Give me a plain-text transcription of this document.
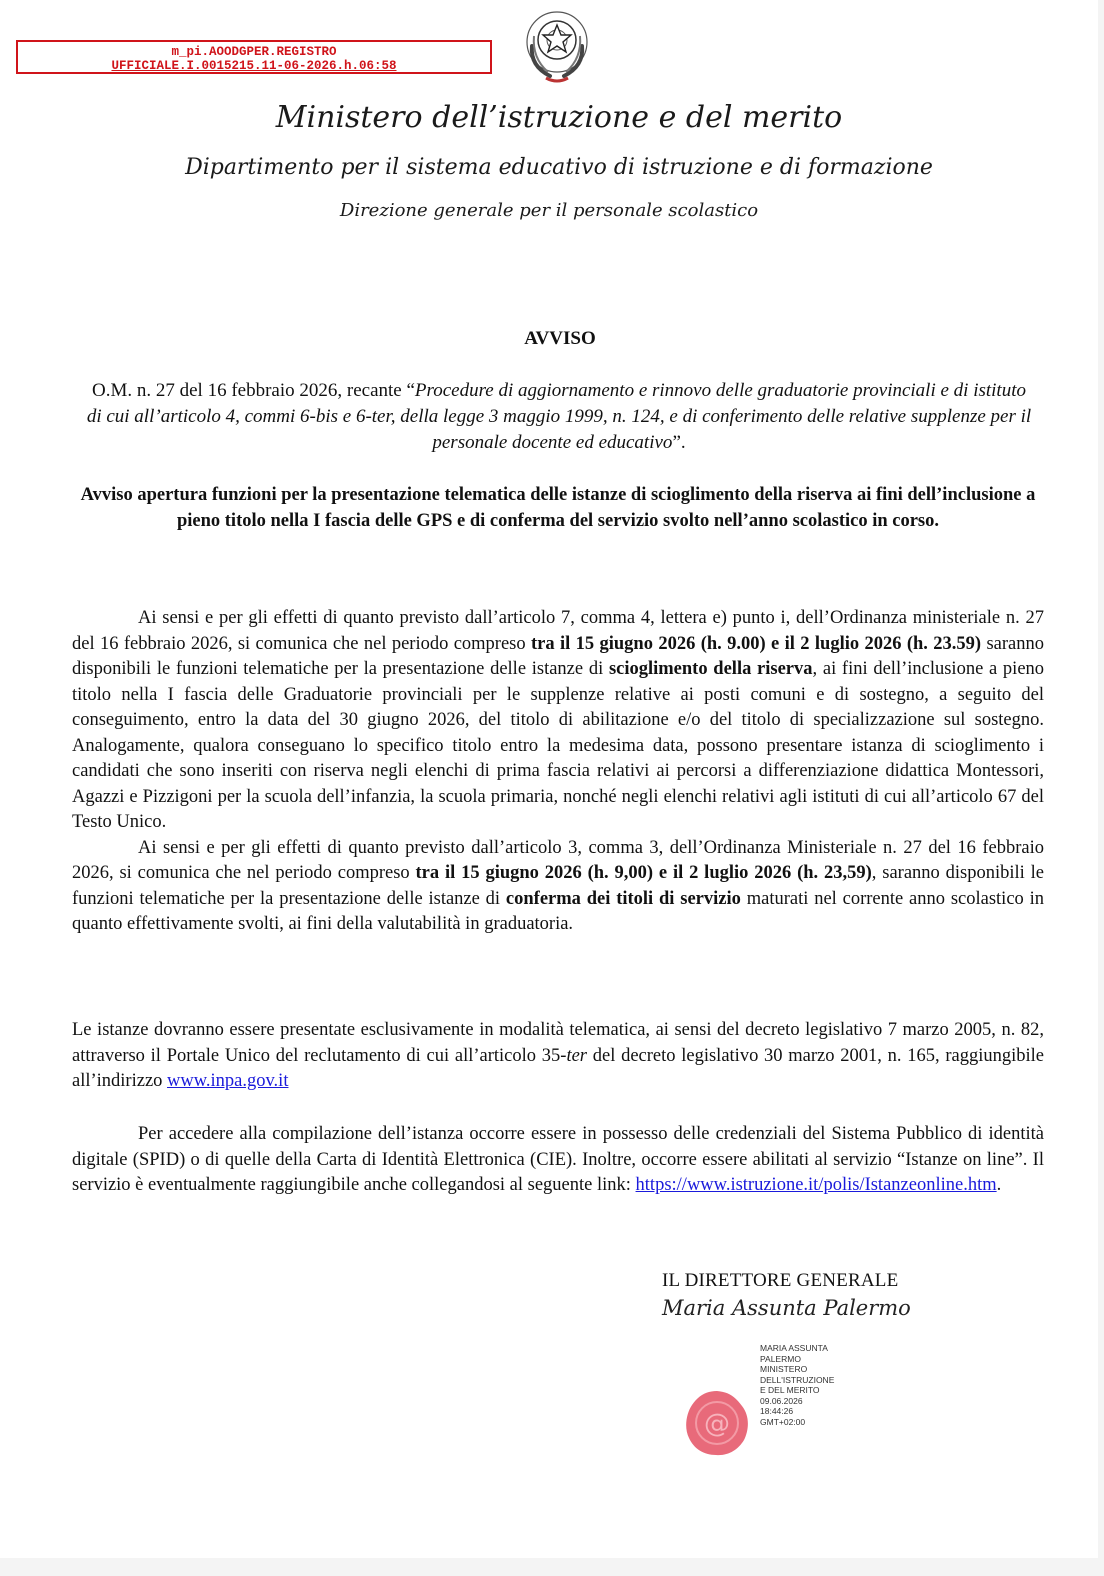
m_pi.AOODGPER.REGISTRO
UFFICIALE.I.0015215.11-06-2026.h.06:58
Ministero dell’istruzione e del merito
Dipartimento per il sistema educativo di istruzione e di formazione
Direzione generale per il personale scolastico
AVVISO
O.M. n. 27 del 16 febbraio 2026, recante “Procedure di aggiornamento e rinnovo delle graduatorie provinciali e di istituto di cui all’articolo 4, commi 6-bis e 6-ter, della legge 3 maggio 1999, n. 124, e di conferimento delle relative supplenze per il personale docente ed educativo”.
Avviso apertura funzioni per la presentazione telematica delle istanze di scioglimento della riserva ai fini dell’inclusione a pieno titolo nella I fascia delle GPS e di conferma del servizio svolto nell’anno scolastico in corso.

Ai sensi e per gli effetti di quanto previsto dall’articolo 7, comma 4, lettera e) punto i, dell’Ordinanza ministeriale n. 27 del 16 febbraio 2026, si comunica che nel periodo compreso tra il 15 giugno 2026 (h. 9.00) e il 2 luglio 2026 (h. 23.59) saranno disponibili le funzioni telematiche per la presentazione delle istanze di scioglimento della riserva, ai fini dell’inclusione a pieno titolo nella I fascia delle Graduatorie provinciali per le supplenze relative ai posti comuni e di sostegno, a seguito del conseguimento, entro la data del 30 giugno 2026, del titolo di abilitazione e/o del titolo di specializzazione sul sostegno. Analogamente, qualora conseguano lo specifico titolo entro la medesima data, possono presentare istanza di scioglimento i candidati che sono inseriti con riserva negli elenchi di prima fascia relativi ai percorsi a differenziazione didattica Montessori, Agazzi e Pizzigoni per la scuola dell’infanzia, la scuola primaria, nonché negli elenchi relativi agli istituti di cui all’articolo 67 del Testo Unico.

Ai sensi e per gli effetti di quanto previsto dall’articolo 3, comma 3, dell’Ordinanza Ministeriale n. 27 del 16 febbraio 2026, si comunica che nel periodo compreso tra il 15 giugno 2026 (h. 9,00) e il 2 luglio 2026 (h. 23,59), saranno disponibili le funzioni telematiche per la presentazione delle istanze di conferma dei titoli di servizio maturati nel corrente anno scolastico in quanto effettivamente svolti, ai fini della valutabilità in graduatoria.

Le istanze dovranno essere presentate esclusivamente in modalità telematica, ai sensi del decreto legislativo 7 marzo 2005, n. 82, attraverso il Portale Unico del reclutamento di cui all’articolo 35-ter del decreto legislativo 30 marzo 2001, n. 165, raggiungibile all’indirizzo www.inpa.gov.it

Per accedere alla compilazione dell’istanza occorre essere in possesso delle credenziali del Sistema Pubblico di identità digitale (SPID) o di quelle della Carta di Identità Elettronica (CIE). Inoltre, occorre essere abilitati al servizio “Istanze on line”. Il servizio è eventualmente raggiungibile anche collegandosi al seguente link: https://www.istruzione.it/polis/Istanzeonline.htm.

IL DIRETTORE GENERALE
Maria Assunta Palermo
@
MARIA ASSUNTA
PALERMO
MINISTERO
DELL'ISTRUZIONE
E DEL MERITO
09.06.2026
18:44:26
GMT+02:00
